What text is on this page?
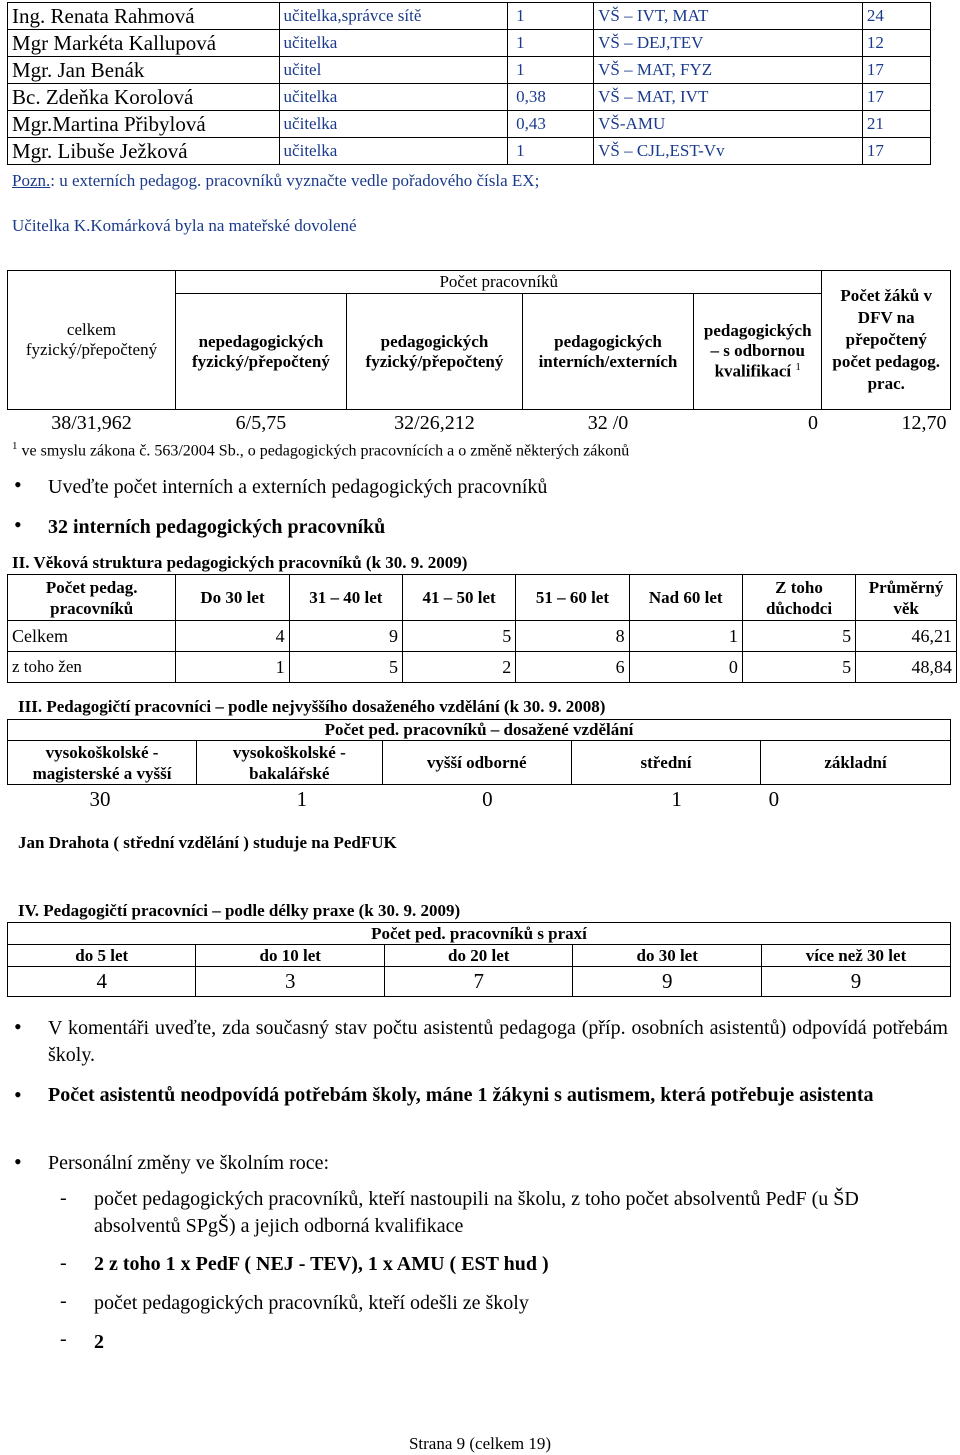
Ing. Renata Rahmová	učitelka,správce sítě	1	VŠ – IVT, MAT	24
Mgr Markéta Kallupová	učitelka	1	VŠ – DEJ,TEV	12
Mgr. Jan Benák	učitel	1	VŠ – MAT, FYZ	17
Bc. Zdeňka Korolová	učitelka	0,38	VŠ – MAT, IVT	17
Mgr.Martina Přibylová	učitelka	0,43	VŠ-AMU	21
Mgr. Libuše Ježková	učitelka	1	VŠ – CJL,EST-Vv	17
Pozn.: u externích pedagog. pracovníků vyznačte vedle pořadového čísla EX;
Učitelka K.Komárková byla na mateřské dovolené
celkem fyzický/přepočtený	Počet pracovníků				Počet žáků v DFV na přepočtený počet pedagog. prac.
	nepedagogických fyzický/přepočtený	pedagogických fyzický/přepočtený	pedagogických interních/externích	pedagogických – s odbornou kvalifikací $^1$
38/31,962	6/5,75	32/26,212	32 /0	0	12,70
$^1$ ve smyslu zákona č. 563/2004 Sb., o pedagogických pracovnících a o změně některých zákonů
• Uveďte počet interních a externích pedagogických pracovníků
• 32 interních pedagogických pracovníků
II. Věková struktura pedagogických pracovníků (k 30. 9. 2009)
Počet pedag. pracovníků	Do 30 let	31 – 40 let	41 – 50 let	51 – 60 let	Nad 60 let	Z toho důchodci	Průměrný věk
Celkem	4	9	5	8	1	5	46,21
z toho žen	1	5	2	6	0	5	48,84
III. Pedagogičtí pracovníci – podle nejvyššího dosaženého vzdělání (k 30. 9. 2008)
Počet ped. pracovníků – dosažené vzdělání				
vysokoškolské - magisterské a vyšší	vysokoškolské - bakalářské	vyšší odborné	střední	základní
30	1	0	1	0
Jan Drahota ( střední vzdělání ) studuje na PedFUK
IV. Pedagogičtí pracovníci – podle délky praxe (k 30. 9. 2009)
Počet ped. pracovníků s praxí				
do 5 let	do 10 let	do 20 let	do 30 let	více než 30 let
4	3	7	9	9
• V komentáři uveďte, zda současný stav počtu asistentů pedagoga (příp. osobních asistentů) odpovídá potřebám školy.
• Počet asistentů neodpovídá potřebám školy, máne 1 žákyni s autismem, která potřebuje asistenta
• Personální změny ve školním roce:
- počet pedagogických pracovníků, kteří nastoupili na školu, z toho počet absolventů PedF (u ŠD absolventů SPgŠ) a jejich odborná kvalifikace
- 2 z toho 1 x PedF ( NEJ - TEV), 1 x AMU ( EST hud )
- počet pedagogických pracovníků, kteří odešli ze školy
- 2
Strana 9 (celkem 19)
